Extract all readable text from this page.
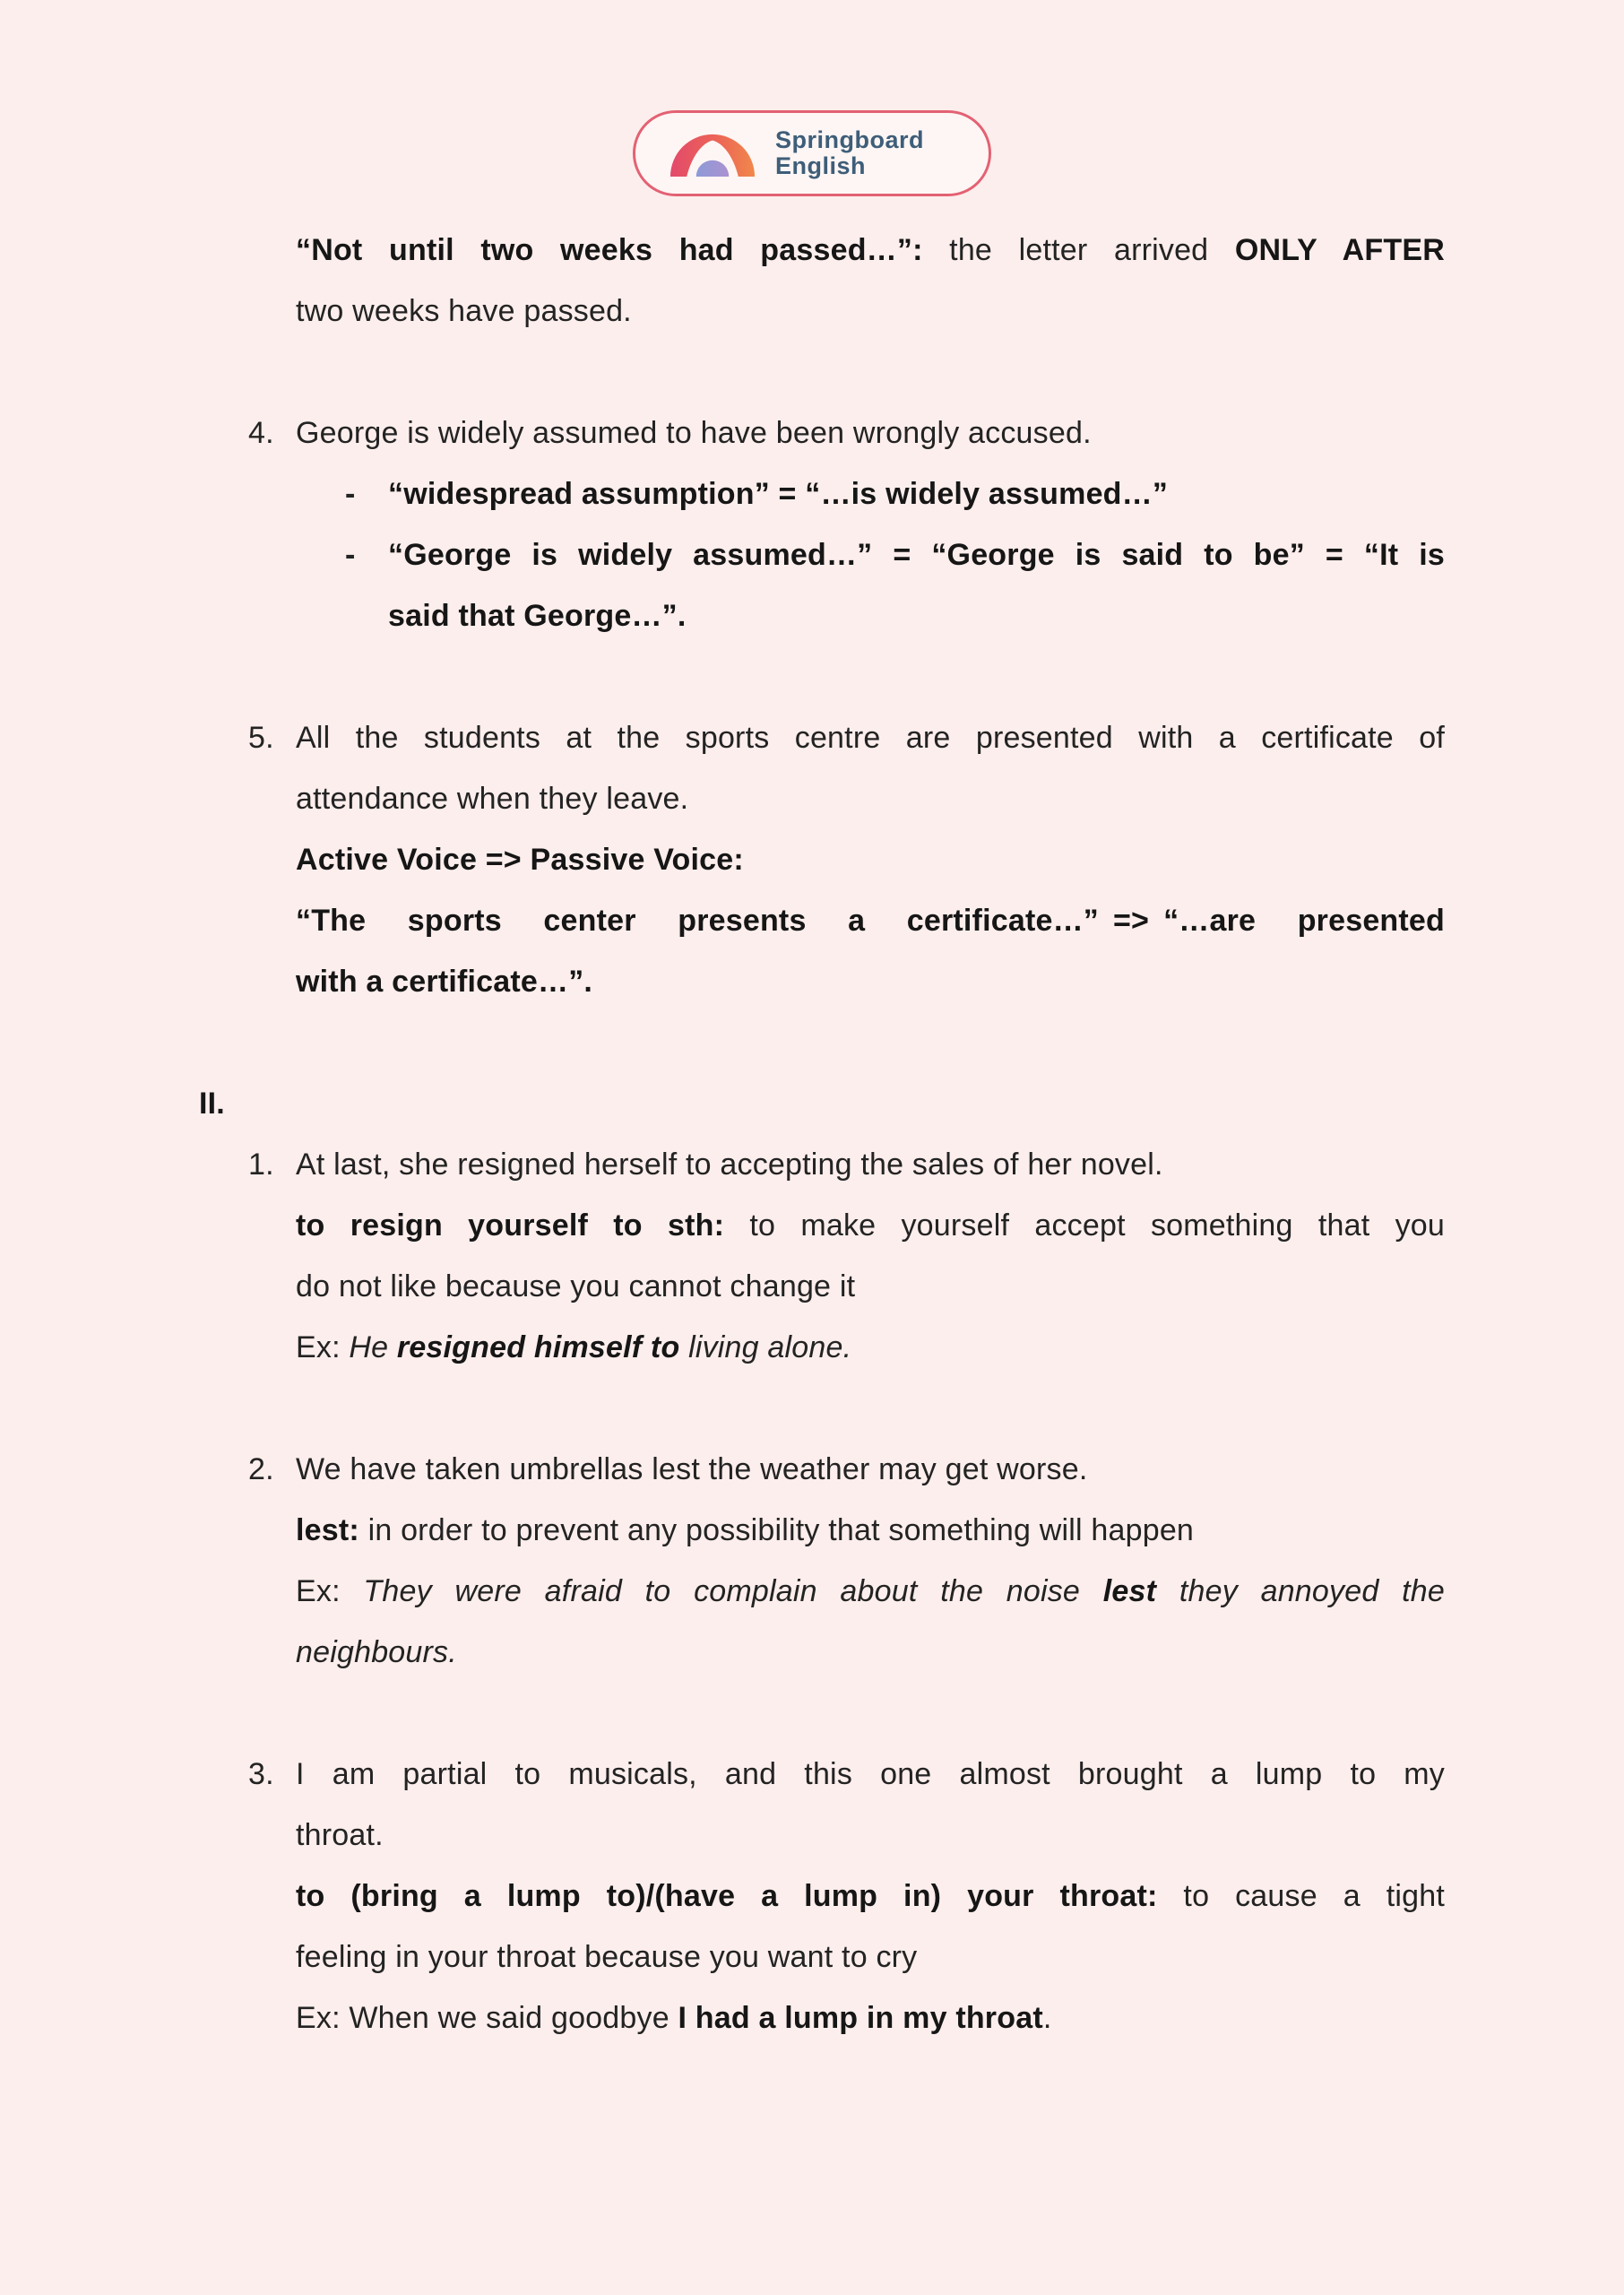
Springboard
English
“Not until two weeks had passed…”: the letter arrived ONLY AFTER
two weeks have passed.
4. George is widely assumed to have been wrongly accused.
-	“widespread assumption” = “…is widely assumed…”
-	“George is widely assumed…” = “George is said to be” = “It is
said that George…”.
5. All the students at the sports centre are presented with a certificate of
attendance when they leave.
Active Voice => Passive Voice:
“The sports center presents a certificate…” => “…are presented
with a certificate…”.
II.
1. At last, she resigned herself to accepting the sales of her novel.
to resign yourself to sth: to make yourself accept something that you
do not like because you cannot change it
Ex: He resigned himself to living alone.
2. We have taken umbrellas lest the weather may get worse.
lest: in order to prevent any possibility that something will happen
Ex: They were afraid to complain about the noise lest they annoyed the
neighbours.
3. I am partial to musicals, and this one almost brought a lump to my
throat.
to (bring a lump to)/(have a lump in) your throat: to cause a tight
feeling in your throat because you want to cry
Ex: When we said goodbye I had a lump in my throat.
